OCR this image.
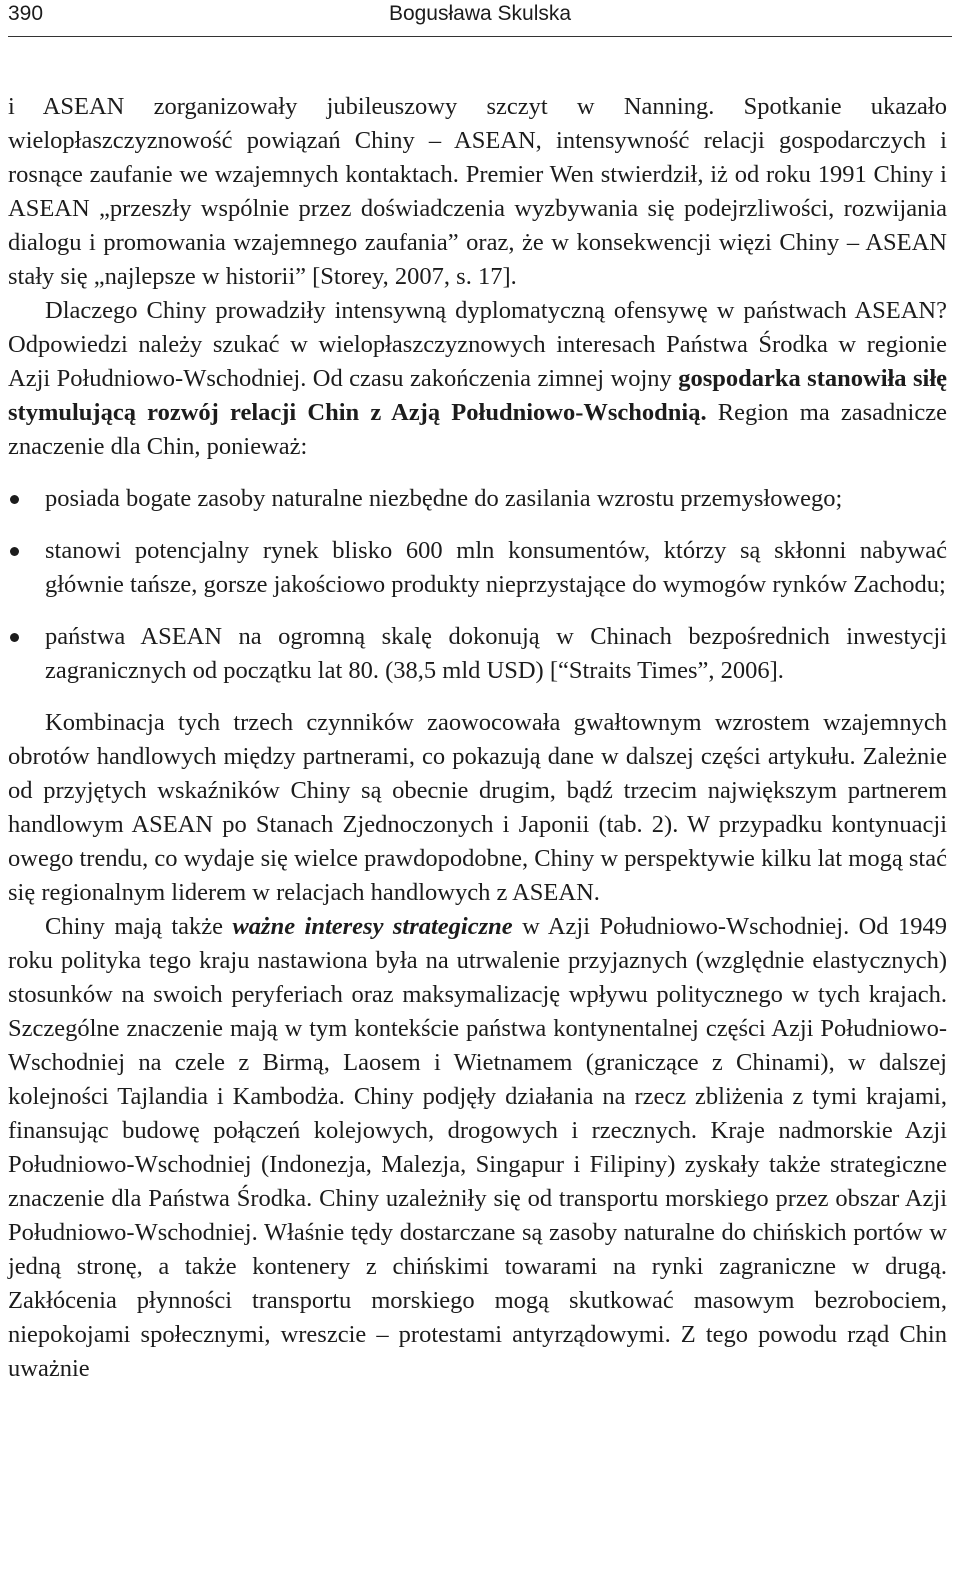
390	Bogusława Skulska

i ASEAN zorganizowały jubileuszowy szczyt w Nanning. Spotkanie ukazało wielopłaszczyznowość powiązań Chiny – ASEAN, intensywność relacji gospodarczych i rosnące zaufanie we wzajemnych kontaktach. Premier Wen stwierdził, iż od roku 1991 Chiny i ASEAN „przeszły wspólnie przez doświadczenia wyzbywania się podejrzliwości, rozwijania dialogu i promowania wzajemnego zaufania” oraz, że w konsekwencji więzi Chiny – ASEAN stały się „najlepsze w historii” [Storey, 2007, s. 17].

Dlaczego Chiny prowadziły intensywną dyplomatyczną ofensywę w państwach ASEAN? Odpowiedzi należy szukać w wielopłaszczyznowych interesach Państwa Środka w regionie Azji Południowo-Wschodniej. Od czasu zakończenia zimnej wojny gospodarka stanowiła siłę stymulującą rozwój relacji Chin z Azją Południowo-Wschodnią. Region ma zasadnicze znaczenie dla Chin, ponieważ:

posiada bogate zasoby naturalne niezbędne do zasilania wzrostu przemysłowego;
stanowi potencjalny rynek blisko 600 mln konsumentów, którzy są skłonni nabywać głównie tańsze, gorsze jakościowo produkty nieprzystające do wymogów rynków Zachodu;
państwa ASEAN na ogromną skalę dokonują w Chinach bezpośrednich inwestycji zagranicznych od początku lat 80. (38,5 mld USD) [“Straits Times”, 2006].

Kombinacja tych trzech czynników zaowocowała gwałtownym wzrostem wzajemnych obrotów handlowych między partnerami, co pokazują dane w dalszej części artykułu. Zależnie od przyjętych wskaźników Chiny są obecnie drugim, bądź trzecim największym partnerem handlowym ASEAN po Stanach Zjednoczonych i Japonii (tab. 2). W przypadku kontynuacji owego trendu, co wydaje się wielce prawdopodobne, Chiny w perspektywie kilku lat mogą stać się regionalnym liderem w relacjach handlowych z ASEAN.

Chiny mają także ważne interesy strategiczne w Azji Południowo-Wschodniej. Od 1949 roku polityka tego kraju nastawiona była na utrwalenie przyjaznych (względnie elastycznych) stosunków na swoich peryferiach oraz maksymalizację wpływu politycznego w tych krajach. Szczególne znaczenie mają w tym kontekście państwa kontynentalnej części Azji Południowo-Wschodniej na czele z Birmą, Laosem i Wietnamem (graniczące z Chinami), w dalszej kolejności Tajlandia i Kambodża. Chiny podjęły działania na rzecz zbliżenia z tymi krajami, finansując budowę połączeń kolejowych, drogowych i rzecznych. Kraje nadmorskie Azji Południowo-Wschodniej (Indonezja, Malezja, Singapur i Filipiny) zyskały także strategiczne znaczenie dla Państwa Środka. Chiny uzależniły się od transportu morskiego przez obszar Azji Południowo-Wschodniej. Właśnie tędy dostarczane są zasoby naturalne do chińskich portów w jedną stronę, a także kontenery z chińskimi towarami na rynki zagraniczne w drugą. Zakłócenia płynności transportu morskiego mogą skutkować masowym bezrobociem, niepokojami społecznymi, wreszcie – protestami antyrządowymi. Z tego powodu rząd Chin uważnie
